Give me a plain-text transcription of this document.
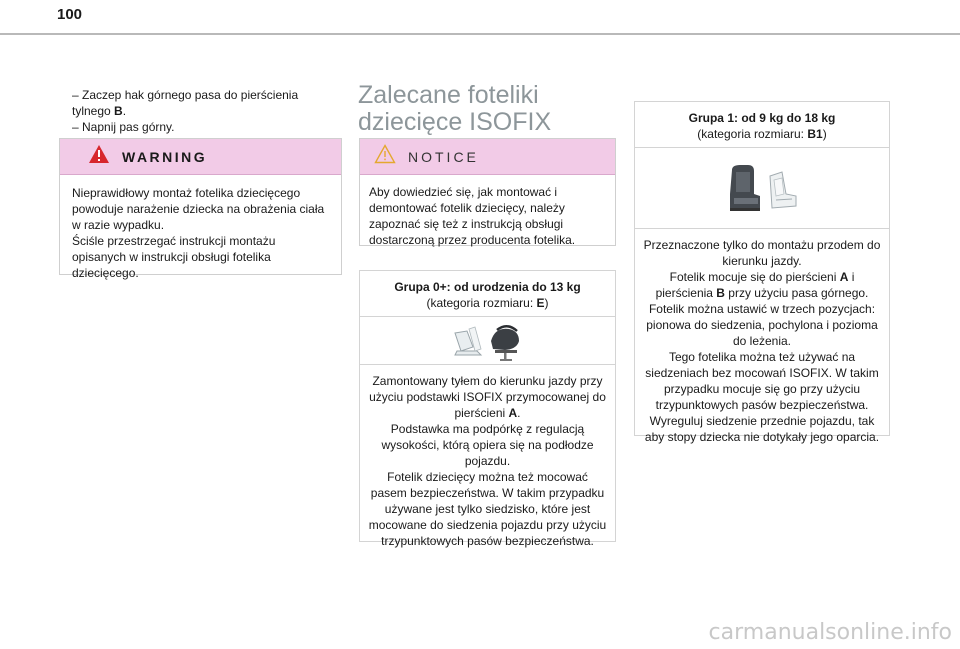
100

– Zaczep hak górnego pasa do pierścienia tylnego B.

– Napnij pas górny.

WARNING

Nieprawidłowy montaż fotelika dziecięcego powoduje narażenie dziecka na obrażenia ciała w razie wypadku.

Ściśle przestrzegać instrukcji montażu opisanych w instrukcji obsługi fotelika dziecięcego.

Zalecane foteliki dziecięce ISOFIX
NOTICE
Aby dowiedzieć się, jak montować i demontować fotelik dziecięcy, należy zapoznać się też z instrukcją obsługi dostarczoną przez producenta fotelika.
Grupa 0+: od urodzenia do 13 kg
(kategoria rozmiaru: E)

Zamontowany tyłem do kierunku jazdy przy użyciu podstawki ISOFIX przymocowanej do pierścieni A.

Podstawka ma podpórkę z regulacją wysokości, którą opiera się na podłodze pojazdu.

Fotelik dziecięcy można też mocować pasem bezpieczeństwa. W takim przypadku używane jest tylko siedzisko, które jest mocowane do siedzenia pojazdu przy użyciu trzypunktowych pasów bezpieczeństwa.

Grupa 1: od 9 kg do 18 kg
(kategoria rozmiaru: B1)

Przeznaczone tylko do montażu przodem do kierunku jazdy.

Fotelik mocuje się do pierścieni A i pierścienia B przy użyciu pasa górnego.

Fotelik można ustawić w trzech pozycjach: pionowa do siedzenia, pochylona i pozioma do leżenia.

Tego fotelika można też używać na siedzeniach bez mocowań ISOFIX. W takim przypadku mocuje się go przy użyciu trzypunktowych pasów bezpieczeństwa.

Wyreguluj siedzenie przednie pojazdu, tak aby stopy dziecka nie dotykały jego oparcia.

carmanualsonline.info
